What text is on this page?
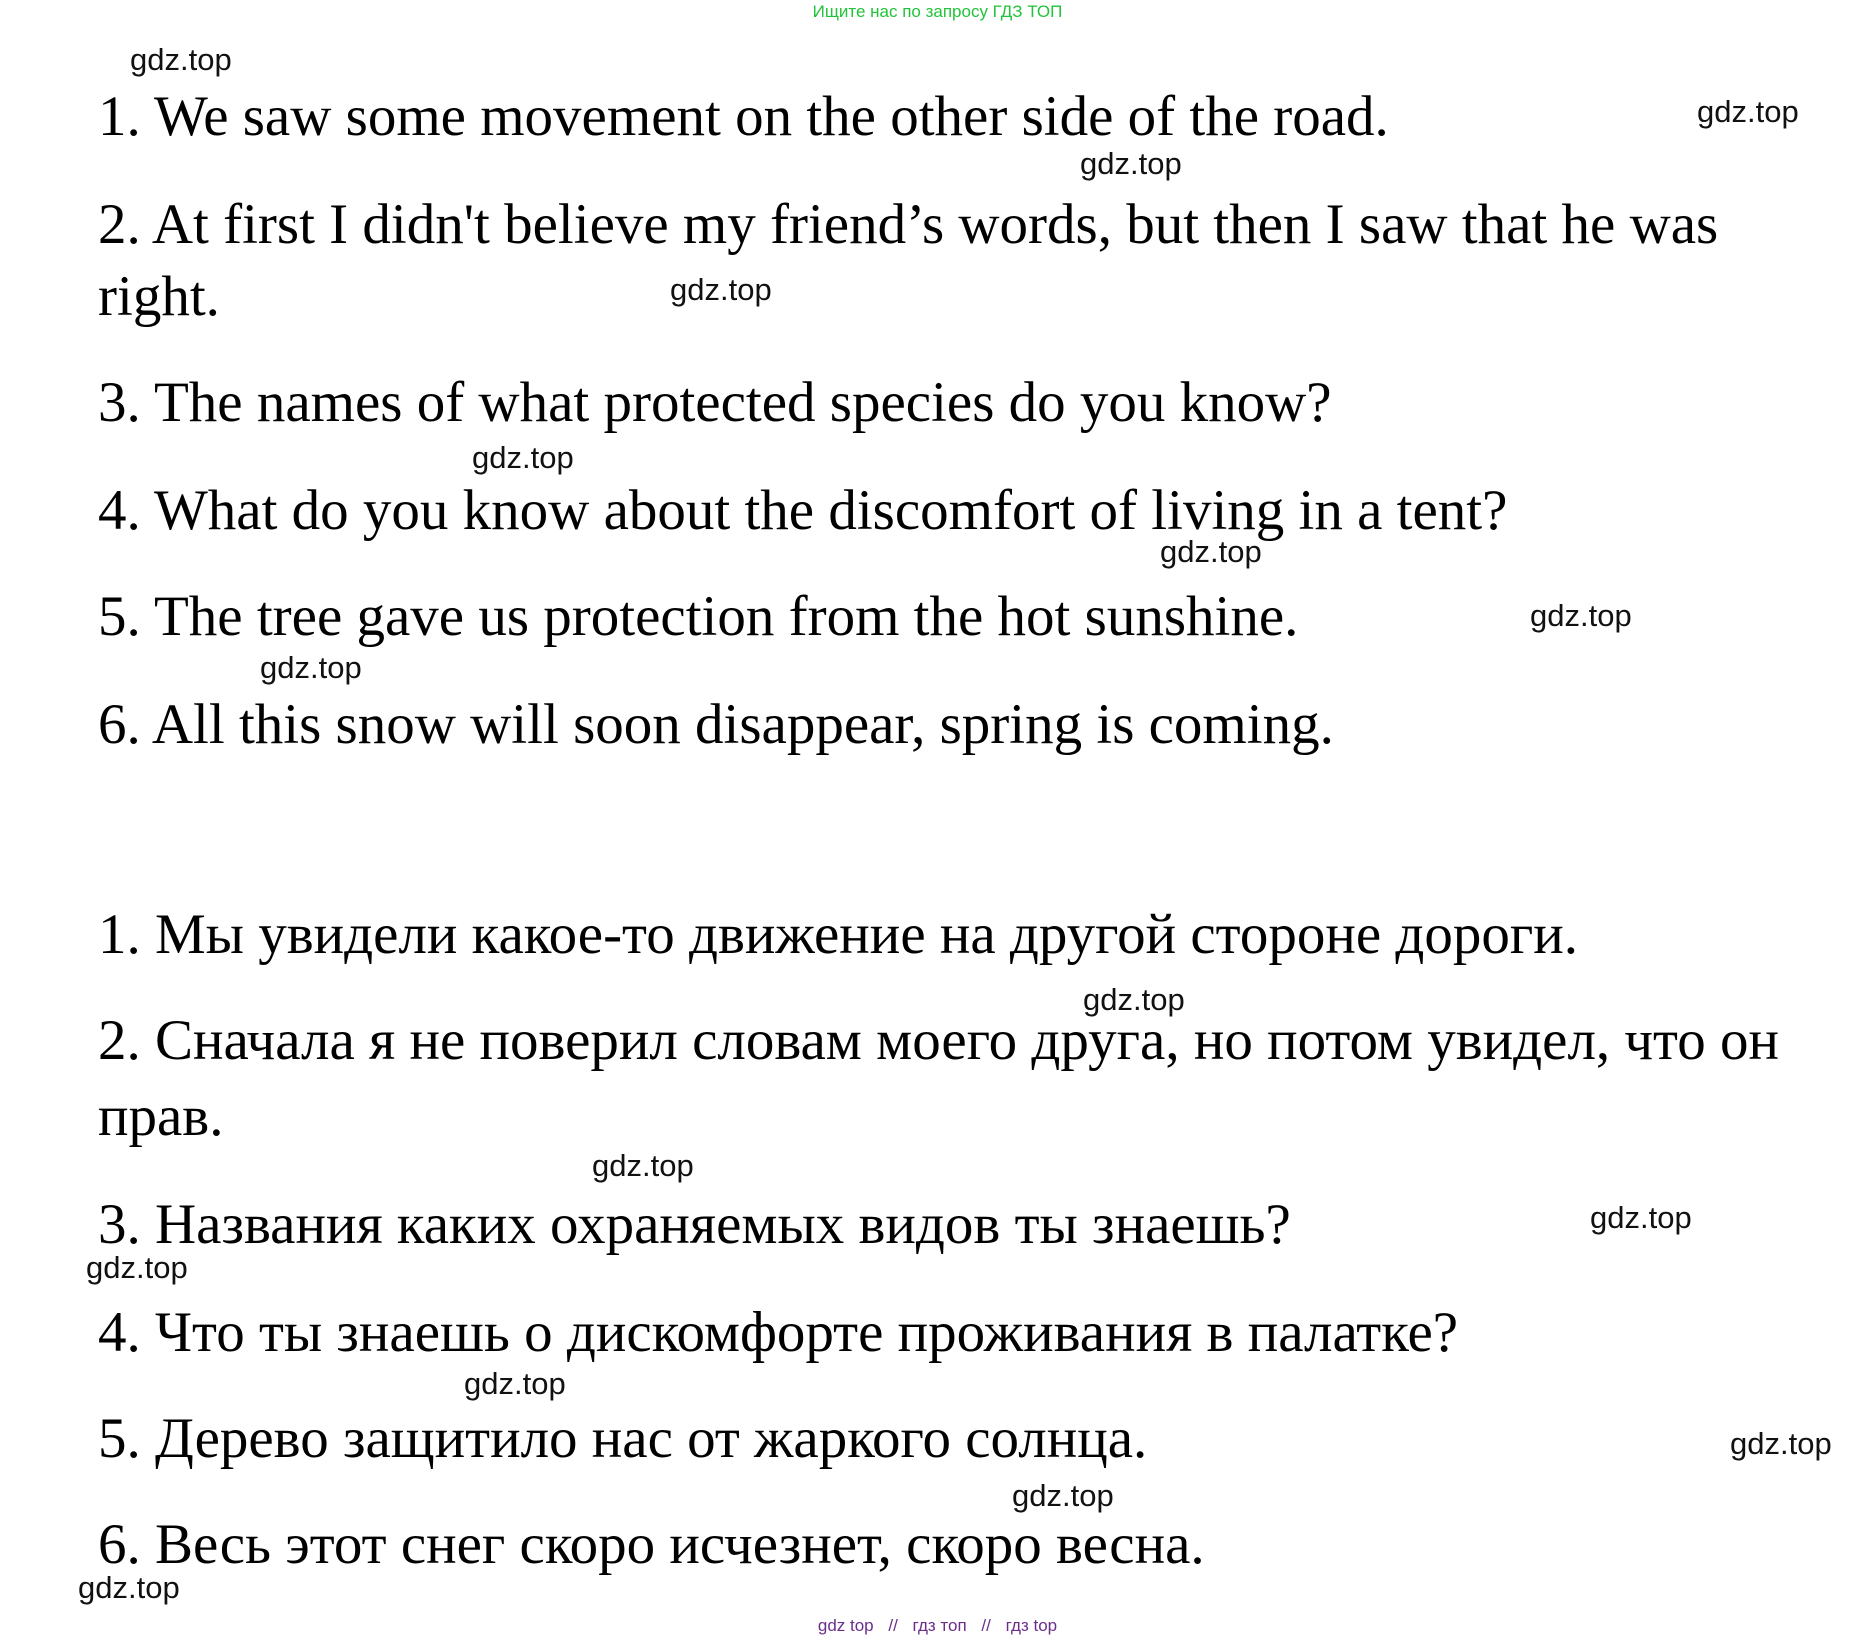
Ищите нас по запросу ГДЗ ТОП
1. We saw some movement on the other side of the road.
2. At first I didn't believe my friend’s words, but then I saw that he was
right.
3. The names of what protected species do you know?
4. What do you know about the discomfort of living in a tent?
5. The tree gave us protection from the hot sunshine.
6. All this snow will soon disappear, spring is coming.
1. Мы увидели какое-то движение на другой стороне дороги.
2. Сначала я не поверил словам моего друга, но потом увидел, что он
прав.
3. Названия каких охраняемых видов ты знаешь?
4. Что ты знаешь о дискомфорте проживания в палатке?
5. Дерево защитило нас от жаркого солнца.
6. Весь этот снег скоро исчезнет, скоро весна.
gdz.top
gdz.top
gdz.top
gdz.top
gdz.top
gdz.top
gdz.top
gdz.top
gdz.top
gdz.top
gdz.top
gdz.top
gdz.top
gdz.top
gdz.top
gdz.top
gdz top // гдз топ // гдз top
